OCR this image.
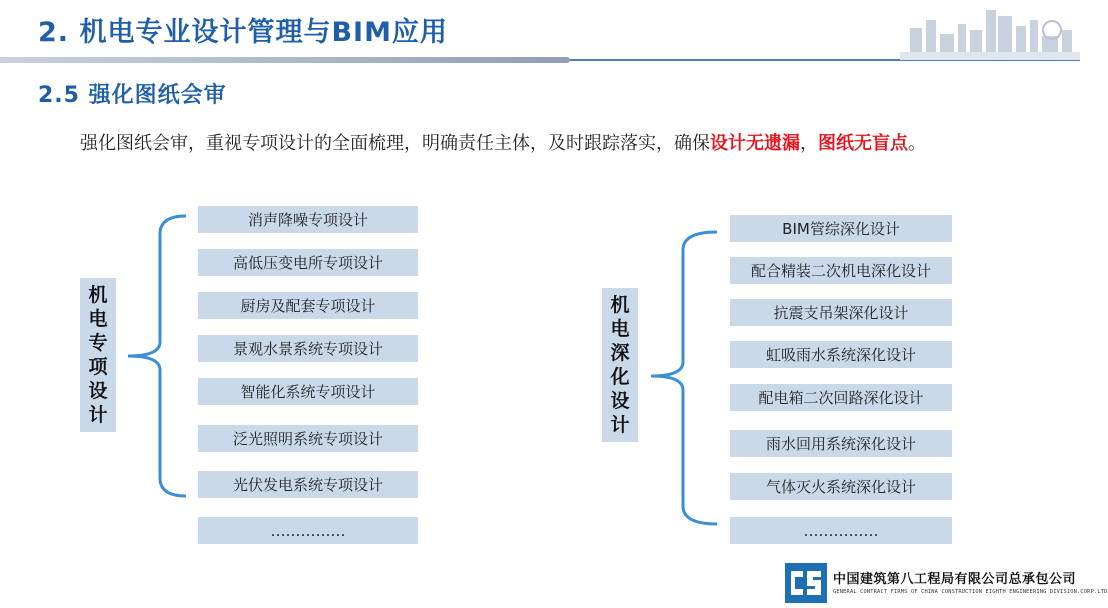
2. 机电专业设计管理与BIM应用
2.5 强化图纸会审
强化图纸会审，重视专项设计的全面梳理，明确责任主体，及时跟踪落实，确保设计无遗漏，图纸无盲点。
机
电
专
项
设
计
消声降噪专项设计
高低压变电所专项设计
厨房及配套专项设计
景观水景系统专项设计
智能化系统专项设计
泛光照明系统专项设计
光伏发电系统专项设计
……………
机
电
深
化
设
计
BIM管综深化设计
配合精装二次机电深化设计
抗震支吊架深化设计
虹吸雨水系统深化设计
配电箱二次回路深化设计
雨水回用系统深化设计
气体灭火系统深化设计
……………
中国建筑第八工程局有限公司总承包公司
GENERAL CONTRACT FIRMS OF CHINA CONSTRUCTION EIGHTH ENGINEERING DIVISION.CORP.LTD
